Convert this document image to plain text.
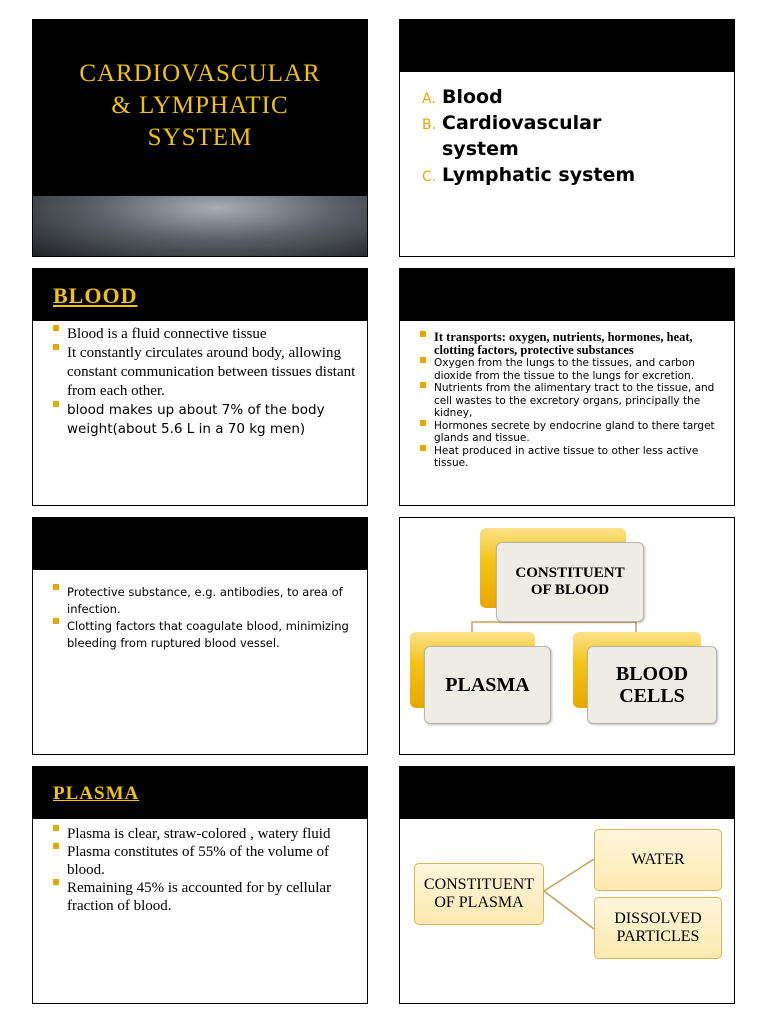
CARDIOVASCULAR
& LYMPHATIC
SYSTEM
A. Blood
B. Cardiovascular
system
C. Lymphatic system
BLOOD
Blood is a fluid connective tissue
It constantly circulates around body, allowing constant communication between tissues distant from each other.
blood makes up about 7% of the body weight(about 5.6 L in a 70 kg men)
It transports: oxygen, nutrients, hormones, heat, clotting factors, protective substances
Oxygen from the lungs to the tissues, and carbon dioxide from the tissue to the lungs for excretion.
Nutrients from the alimentary tract to the tissue, and cell wastes to the excretory organs, principally the kidney,
Hormones secrete by endocrine gland to there target glands and tissue.
Heat produced in active tissue to other less active tissue.
Protective substance, e.g. antibodies, to area of infection.
Clotting factors that coagulate blood, minimizing bleeding from ruptured blood vessel.
CONSTITUENT OF BLOOD
PLASMA	BLOOD CELLS
PLASMA
Plasma is clear, straw-colored , watery fluid
Plasma constitutes of 55% of the volume of blood.
Remaining 45% is accounted for by cellular fraction of blood.
CONSTITUENT OF PLASMA
WATER
DISSOLVED PARTICLES
